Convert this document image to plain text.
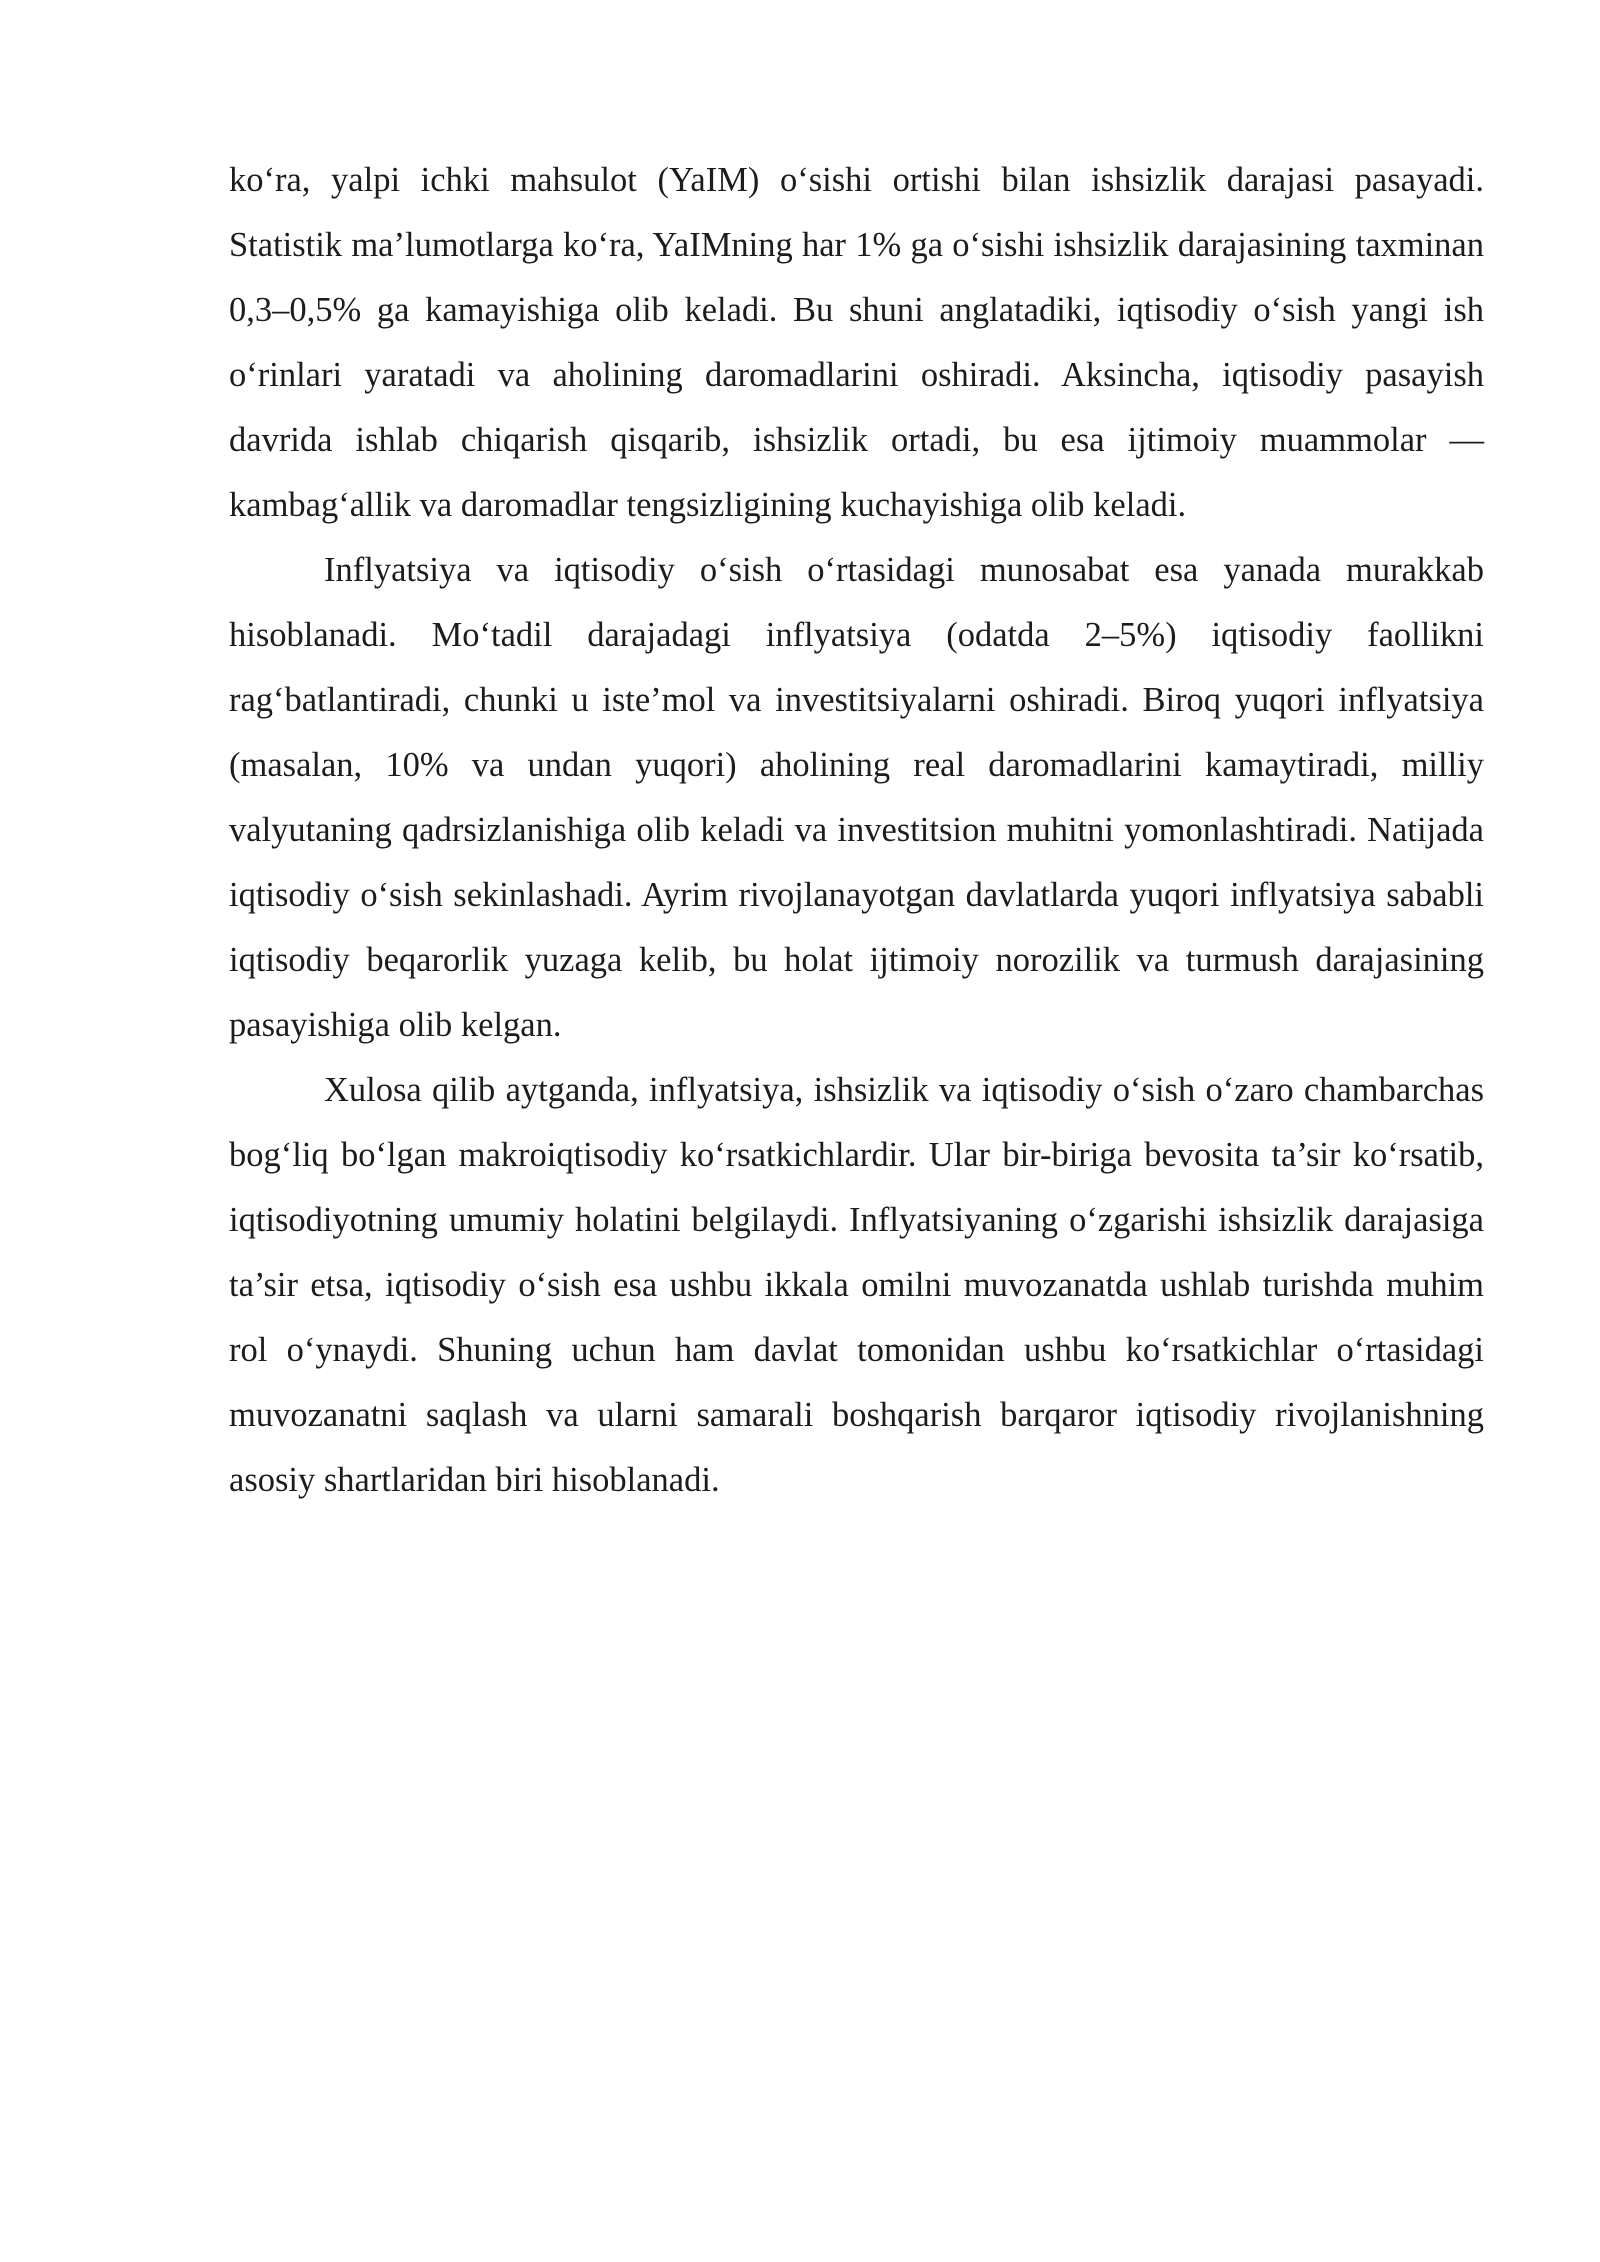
ko‘ra, yalpi ichki mahsulot (YaIM) o‘sishi ortishi bilan ishsizlik darajasi pasayadi. Statistik ma’lumotlarga ko‘ra, YaIMning har 1% ga o‘sishi ishsizlik darajasining taxminan 0,3–0,5% ga kamayishiga olib keladi. Bu shuni anglatadiki, iqtisodiy o‘sish yangi ish o‘rinlari yaratadi va aholining daromadlarini oshiradi. Aksincha, iqtisodiy pasayish davrida ishlab chiqarish qisqarib, ishsizlik ortadi, bu esa ijtimoiy muammolar — kambag‘allik va daromadlar tengsizligining kuchayishiga olib keladi.

Inflyatsiya va iqtisodiy o‘sish o‘rtasidagi munosabat esa yanada murakkab hisoblanadi. Mo‘tadil darajadagi inflyatsiya (odatda 2–5%) iqtisodiy faollikni rag‘batlantiradi, chunki u iste’mol va investitsiyalarni oshiradi. Biroq yuqori inflyatsiya (masalan, 10% va undan yuqori) aholining real daromadlarini kamaytiradi, milliy valyutaning qadrsizlanishiga olib keladi va investitsion muhitni yomonlashtiradi. Natijada iqtisodiy o‘sish sekinlashadi. Ayrim rivojlanayotgan davlatlarda yuqori inflyatsiya sababli iqtisodiy beqarorlik yuzaga kelib, bu holat ijtimoiy norozilik va turmush darajasining pasayishiga olib kelgan.

Xulosa qilib aytganda, inflyatsiya, ishsizlik va iqtisodiy o‘sish o‘zaro chambarchas bog‘liq bo‘lgan makroiqtisodiy ko‘rsatkichlardir. Ular bir-biriga bevosita ta’sir ko‘rsatib, iqtisodiyotning umumiy holatini belgilaydi. Inflyatsiyaning o‘zgarishi ishsizlik darajasiga ta’sir etsa, iqtisodiy o‘sish esa ushbu ikkala omilni muvozanatda ushlab turishda muhim rol o‘ynaydi. Shuning uchun ham davlat tomonidan ushbu ko‘rsatkichlar o‘rtasidagi muvozanatni saqlash va ularni samarali boshqarish barqaror iqtisodiy rivojlanishning asosiy shartlaridan biri hisoblanadi.
